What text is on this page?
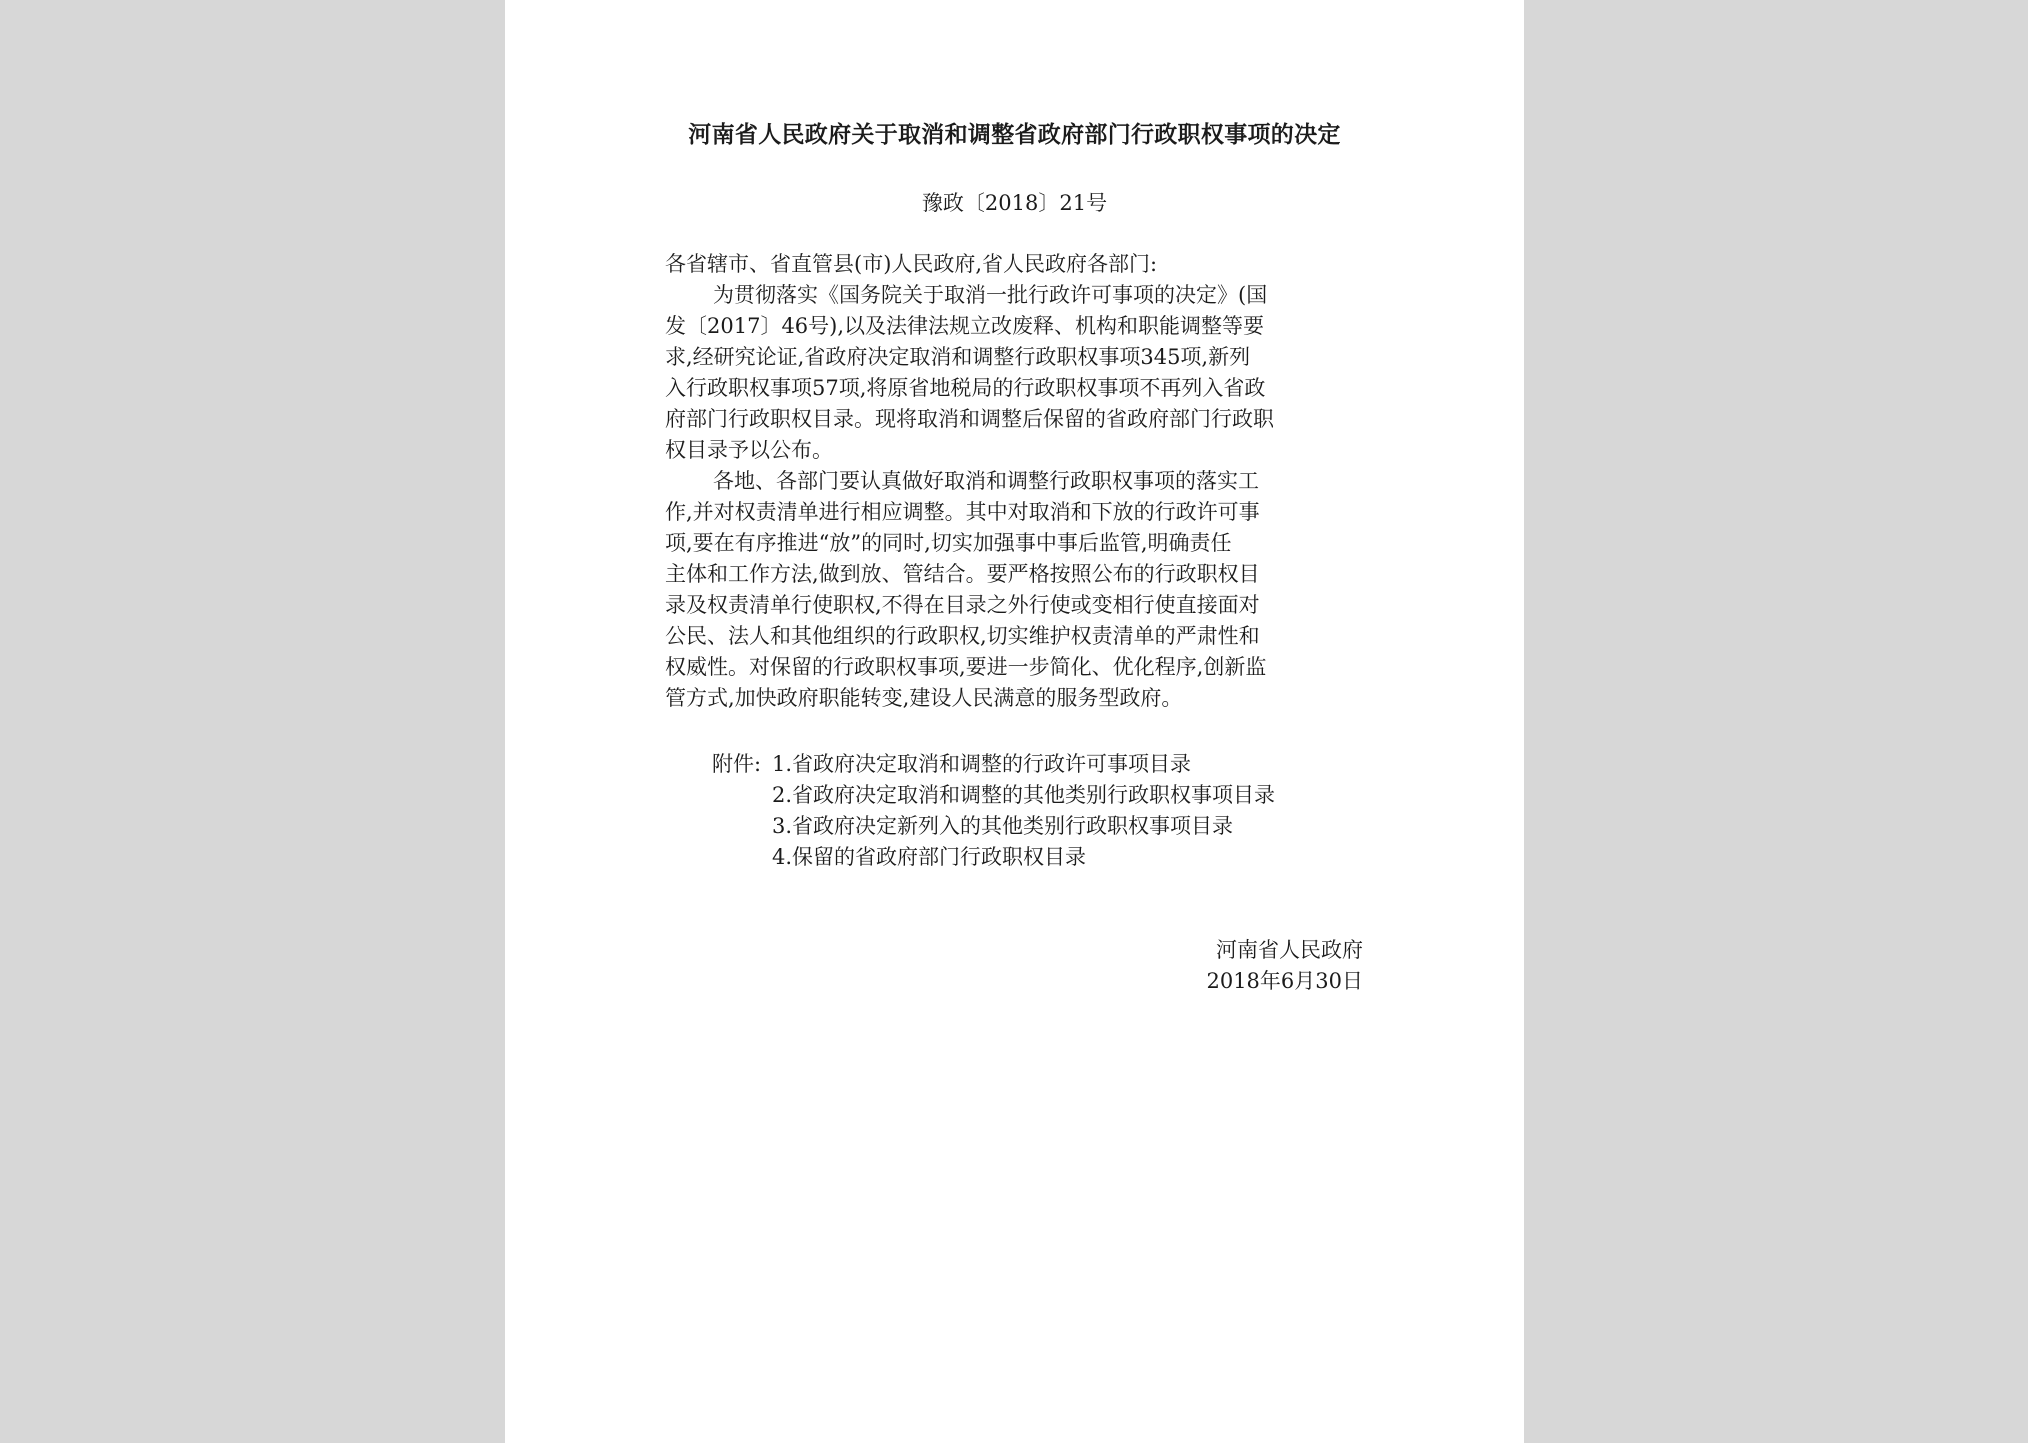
河南省人民政府关于取消和调整省政府部门行政职权事项的决定
豫政〔2018〕21号
各省辖市、省直管县(市)人民政府,省人民政府各部门:
为贯彻落实《国务院关于取消一批行政许可事项的决定》(国
发〔2017〕46号),以及法律法规立改废释、机构和职能调整等要
求,经研究论证,省政府决定取消和调整行政职权事项345项,新列
入行政职权事项57项,将原省地税局的行政职权事项不再列入省政
府部门行政职权目录。现将取消和调整后保留的省政府部门行政职
权目录予以公布。
各地、各部门要认真做好取消和调整行政职权事项的落实工
作,并对权责清单进行相应调整。其中对取消和下放的行政许可事
项,要在有序推进“放”的同时,切实加强事中事后监管,明确责任
主体和工作方法,做到放、管结合。要严格按照公布的行政职权目
录及权责清单行使职权,不得在目录之外行使或变相行使直接面对
公民、法人和其他组织的行政职权,切实维护权责清单的严肃性和
权威性。对保留的行政职权事项,要进一步简化、优化程序,创新监
管方式,加快政府职能转变,建设人民满意的服务型政府。
附件: 1.省政府决定取消和调整的行政许可事项目录
2.省政府决定取消和调整的其他类别行政职权事项目录
3.省政府决定新列入的其他类别行政职权事项目录
4.保留的省政府部门行政职权目录
河南省人民政府
2018年6月30日
